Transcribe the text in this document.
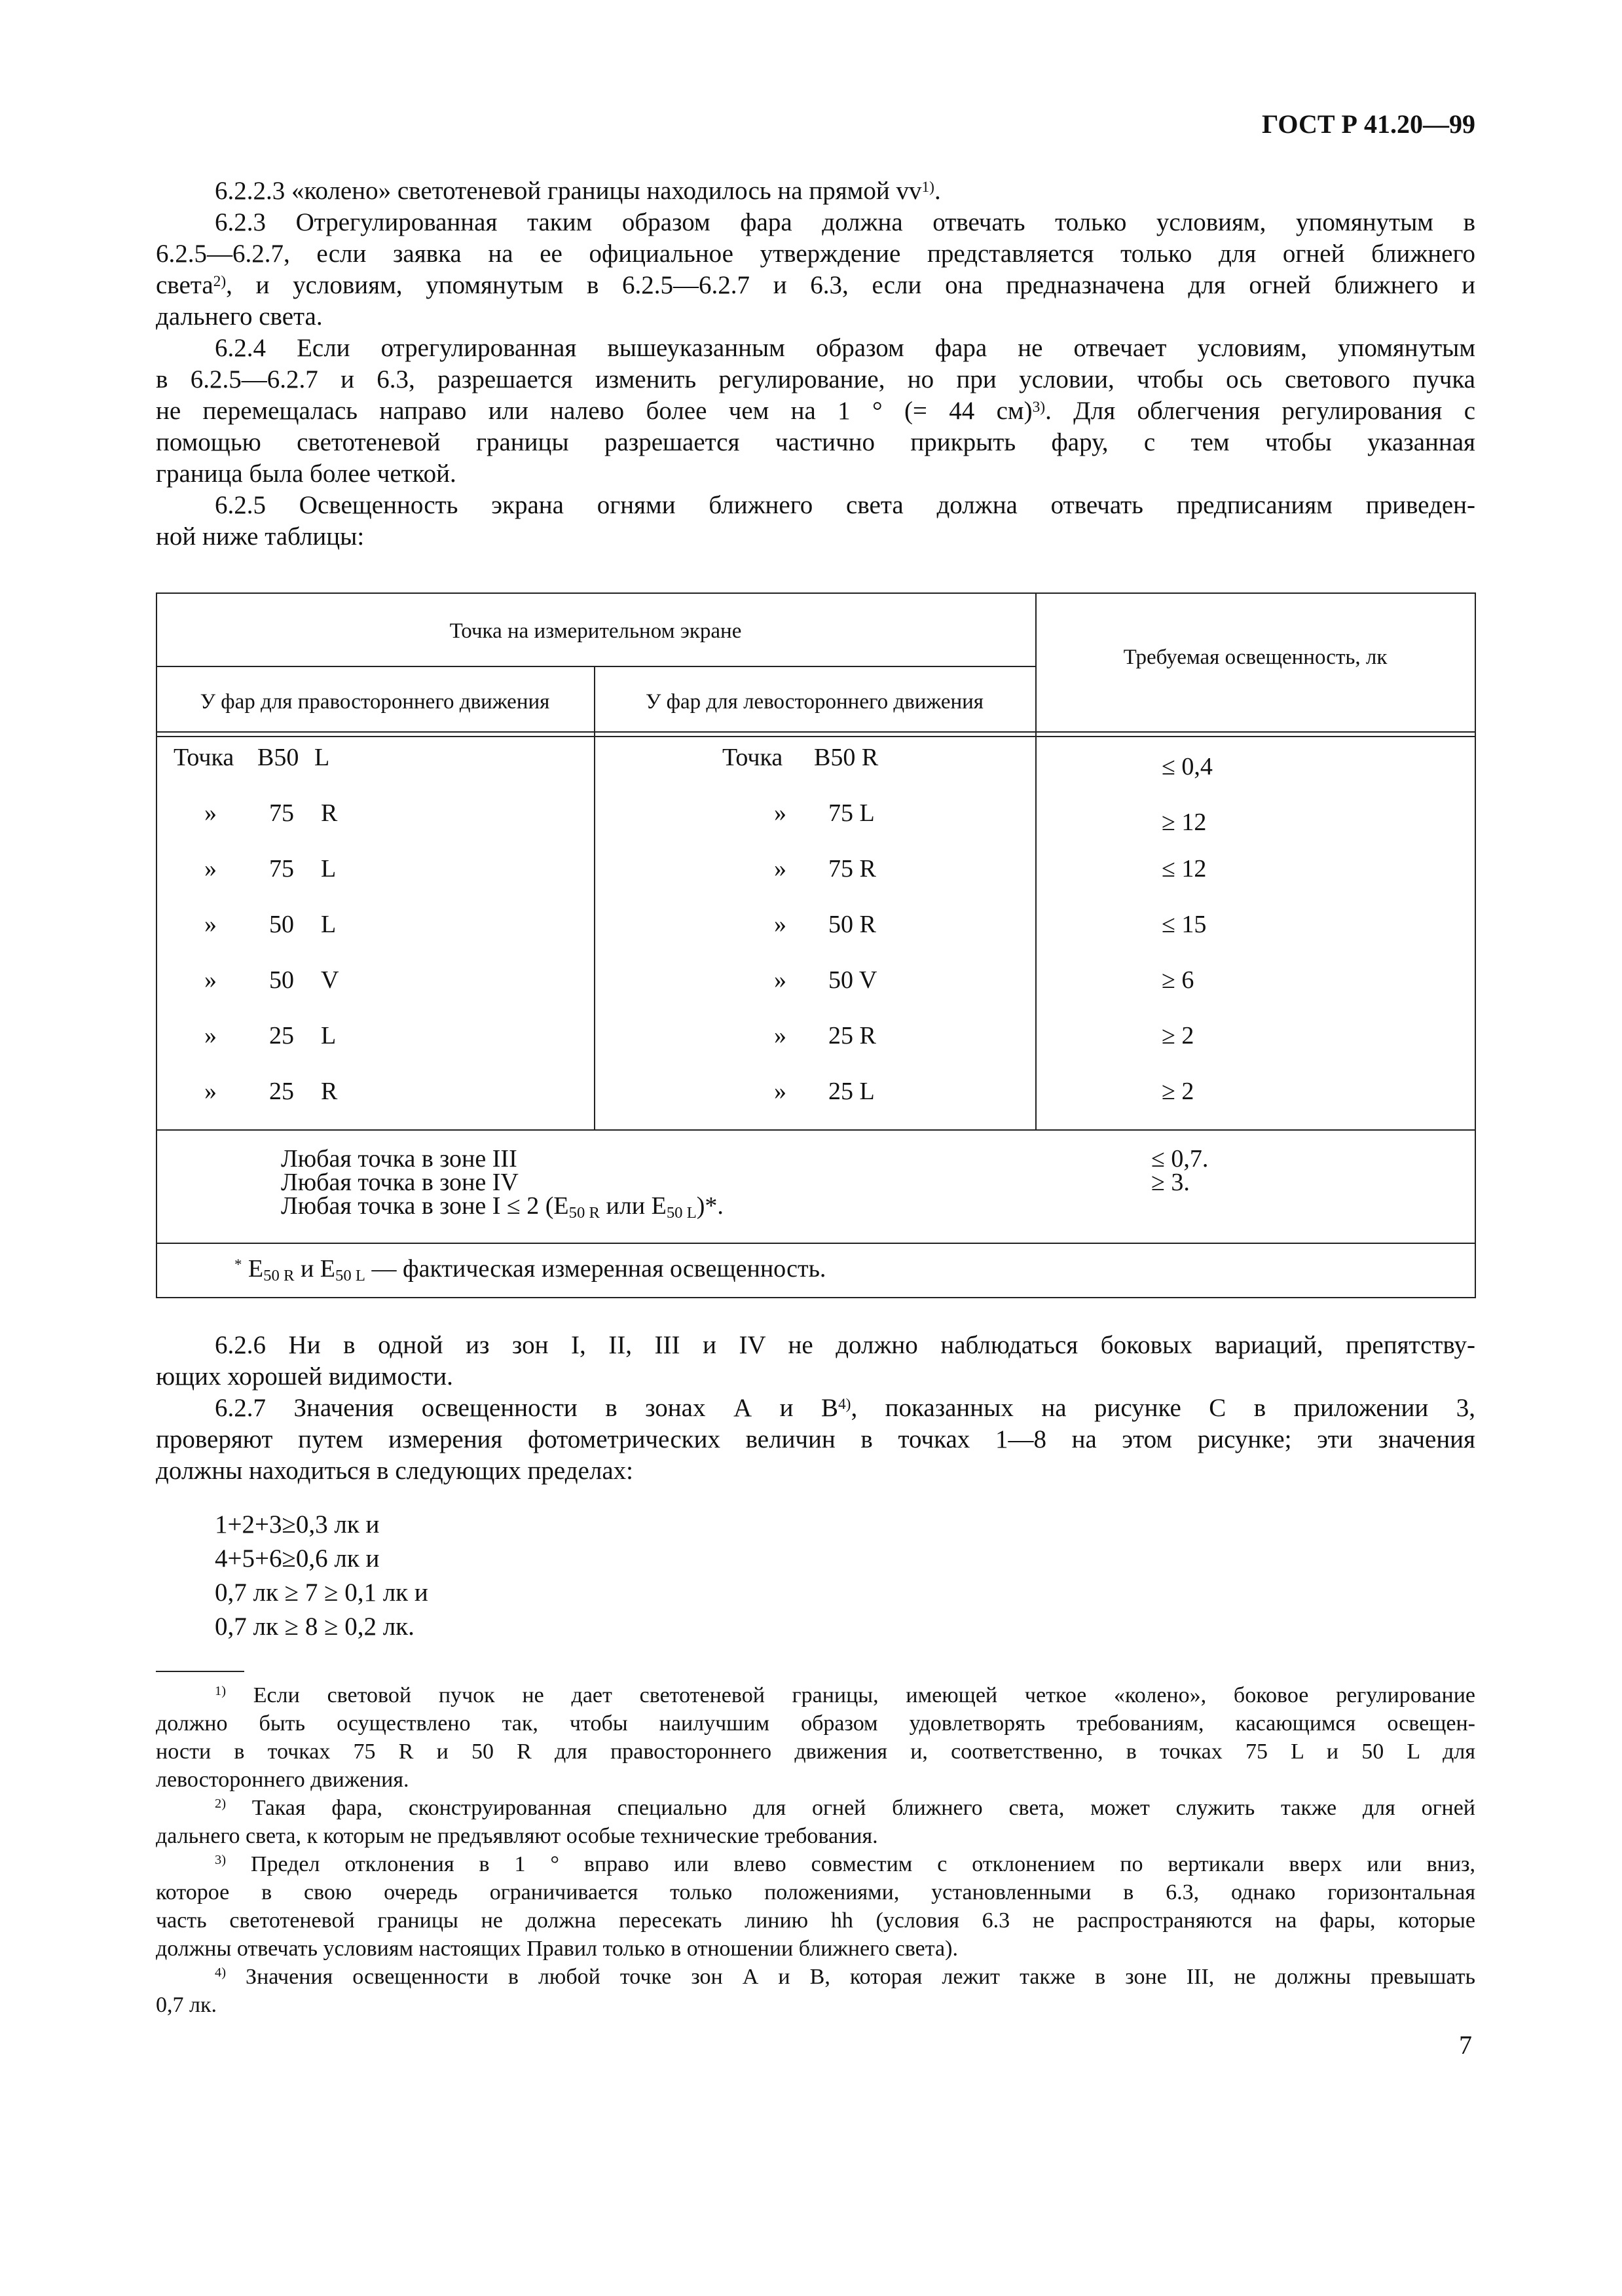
ГОСТ Р 41.20—99
6.2.2.3 «колено» светотеневой границы находилось на прямой $vv^{1)}$.
6.2.3 Отрегулированная таким образом фара должна отвечать только условиям, упомянутым в
6.2.5—6.2.7, если заявка на ее официальное утверждение представляется только для огней ближнего
света$^{2)}$, и условиям, упомянутым в 6.2.5—6.2.7 и 6.3, если она предназначена для огней ближнего и
дальнего света.
6.2.4 Если отрегулированная вышеуказанным образом фара не отвечает условиям, упомянутым
в 6.2.5—6.2.7 и 6.3, разрешается изменить регулирование, но при условии, чтобы ось светового пучка
не перемещалась направо или налево более чем на 1 ° (= 44 см)$^{3)}$. Для облегчения регулирования с
помощью светотеневой границы разрешается частично прикрыть фару, с тем чтобы указанная
граница была более четкой.
6.2.5 Освещенность экрана огнями ближнего света должна отвечать предписаниям приведен-
ной ниже таблицы:
Точка на измерительном экране
Требуемая освещенность, лк
У фар для правостороннего движения	У фар для левостороннего движения
Точка B50 L	Точка B50 R	≤ 0,4
» 75 R	» 75 L	≥ 12
» 75 L	» 75 R	≤ 12
» 50 L	» 50 R	≤ 15
» 50 V	» 50 V	≥ 6
» 25 L	» 25 R	≥ 2
» 25 R	» 25 L	≥ 2
Любая точка в зоне III	≤ 0,7.
Любая точка в зоне IV	≥ 3.
Любая точка в зоне I ≤ 2 ($E_{50 R}$ или $E_{50 L})*$.
* $E_{50 R}$ и $E_{50 L}$ — фактическая измеренная освещенность.
6.2.6 Ни в одной из зон I, II, III и IV не должно наблюдаться боковых вариаций, препятству-
ющих хорошей видимости.
6.2.7 Значения освещенности в зонах А и $В^{4)}$, показанных на рисунке С в приложении 3,
проверяют путем измерения фотометрических величин в точках 1—8 на этом рисунке; эти значения
должны находиться в следующих пределах:
1+2+3≥0,3 лк и
4+5+6≥0,6 лк и
0,7 лк ≥ 7 ≥ 0,1 лк и
0,7 лк ≥ 8 ≥ 0,2 лк.
$^{1)}$ Если световой пучок не дает светотеневой границы, имеющей четкое «колено», боковое регулирование
должно быть осуществлено так, чтобы наилучшим образом удовлетворять требованиям, касающимся освещен-
ности в точках 75 R и 50 R для правостороннего движения и, соответственно, в точках 75 L и 50 L для
левостороннего движения.
$^{2)}$ Такая фара, сконструированная специально для огней ближнего света, может служить также для огней
дальнего света, к которым не предъявляют особые технические требования.
$^{3)}$ Предел отклонения в 1 ° вправо или влево совместим с отклонением по вертикали вверх или вниз,
которое в свою очередь ограничивается только положениями, установленными в 6.3, однако горизонтальная
часть светотеневой границы не должна пересекать линию hh (условия 6.3 не распространяются на фары, которые
должны отвечать условиям настоящих Правил только в отношении ближнего света).
$^{4)}$ Значения освещенности в любой точке зон А и В, которая лежит также в зоне III, не должны превышать
0,7 лк.
7
